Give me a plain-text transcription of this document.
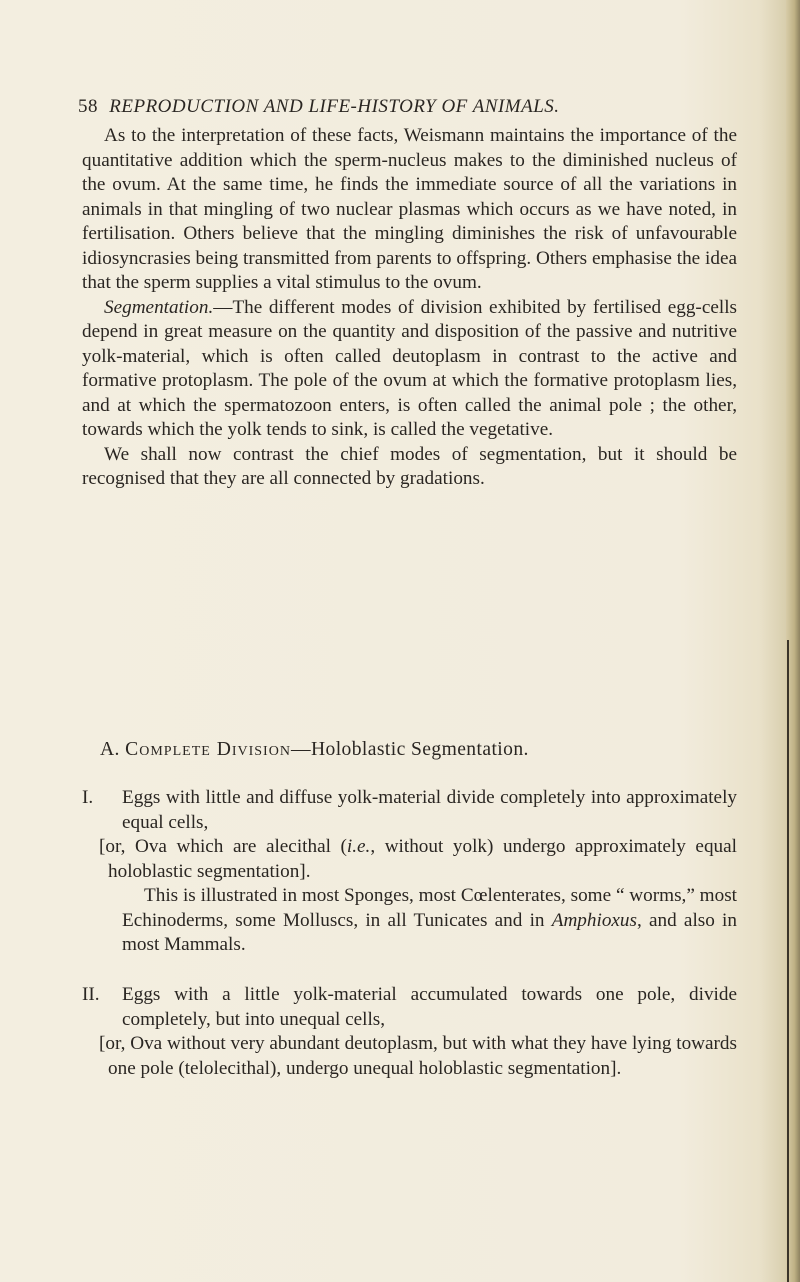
58 REPRODUCTION AND LIFE-HISTORY OF ANIMALS.

As to the interpretation of these facts, Weismann maintains the importance of the quantitative addition which the sperm-nucleus makes to the diminished nucleus of the ovum. At the same time, he finds the immediate source of all the variations in animals in that mingling of two nuclear plasmas which occurs as we have noted, in fertilisation. Others believe that the mingling diminishes the risk of unfavourable idiosyncrasies being transmitted from parents to offspring. Others emphasise the idea that the sperm supplies a vital stimulus to the ovum.

Segmentation.—The different modes of division exhibited by fertilised egg-cells depend in great measure on the quantity and disposition of the passive and nutritive yolk-material, which is often called deutoplasm in contrast to the active and formative protoplasm. The pole of the ovum at which the formative protoplasm lies, and at which the spermatozoon enters, is often called the animal pole ; the other, towards which the yolk tends to sink, is called the vegetative.

We shall now contrast the chief modes of segmentation, but it should be recognised that they are all connected by gradations.

A. Complete Division—Holoblastic Segmentation.
I. Eggs with little and diffuse yolk-material divide completely into approximately equal cells,
[or, Ova which are alecithal (i.e., without yolk) undergo approximately equal holoblastic segmentation].
This is illustrated in most Sponges, most Cœlenterates, some “ worms,” most Echinoderms, some Molluscs, in all Tunicates and in Amphioxus, and also in most Mammals.
II. Eggs with a little yolk-material accumulated towards one pole, divide completely, but into unequal cells,
[or, Ova without very abundant deutoplasm, but with what they have lying towards one pole (telolecithal), undergo unequal holoblastic segmentation].
